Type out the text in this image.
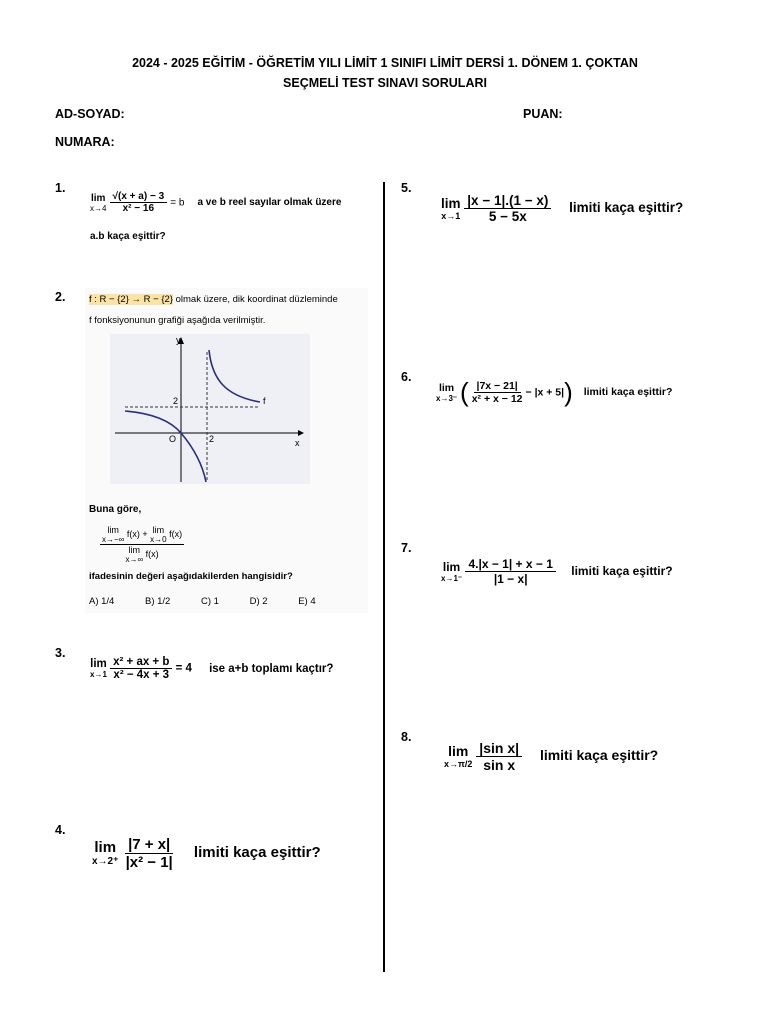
2024 - 2025 EĞİTİM - ÖĞRETİM YILI LİMİT 1 SINIFI LİMİT DERSİ 1. DÖNEM 1. ÇOKTAN
SEÇMELİ TEST SINAVI SORULARI
AD-SOYAD:	PUAN:
NUMARA:
1.
lim
x→4
$\frac{√(x + a) - 3}{\text{x² − 16}} = b$ a ve b reel sayılar olmak üzere
a.b kaça eşittir?
2. f : R − {2} → R − {2} olmak üzere, dik koordinat düzleminde
f fonksiyonunun grafiği aşağıda verilmiştir.
y
x
O
2
2
f
Buna göre,
lim
x→−∞
f(x) + lim
x→0
f(x)
lim
x→∞
f(x)
ifadesinin değeri aşağıdakilerden hangisidir?
A) 1/4	B) 1/2	C) 1	D) 2	E) 4
3.
lim
x→1
$\frac{\text{x² + ax + b}}{\text{x² − 4x + 3}} = 4$ ise a+b toplamı kaçtır?
4.
lim
x→2⁺
$\frac{|7 + x|}{\text{|x² − 1|}}$ limiti kaça eşittir?
5.
lim
x→1
$\frac{|x - 1|.(1 - x)}{5 - 5x}$ limiti kaça eşittir?
6.
lim
x→3⁻ ( $\frac{|7x - 21|}{\text{x² + x − 12}} - |x + 5|$) limiti kaça eşittir?
7.
lim
x→1⁻
$\frac{4.|x - 1| + x - 1}{|1 - x|}$ limiti kaça eşittir?
8.
lim
x→π/2
$\frac{\text{|sin x|}}{\text{sin x}}$ limiti kaça eşittir?
